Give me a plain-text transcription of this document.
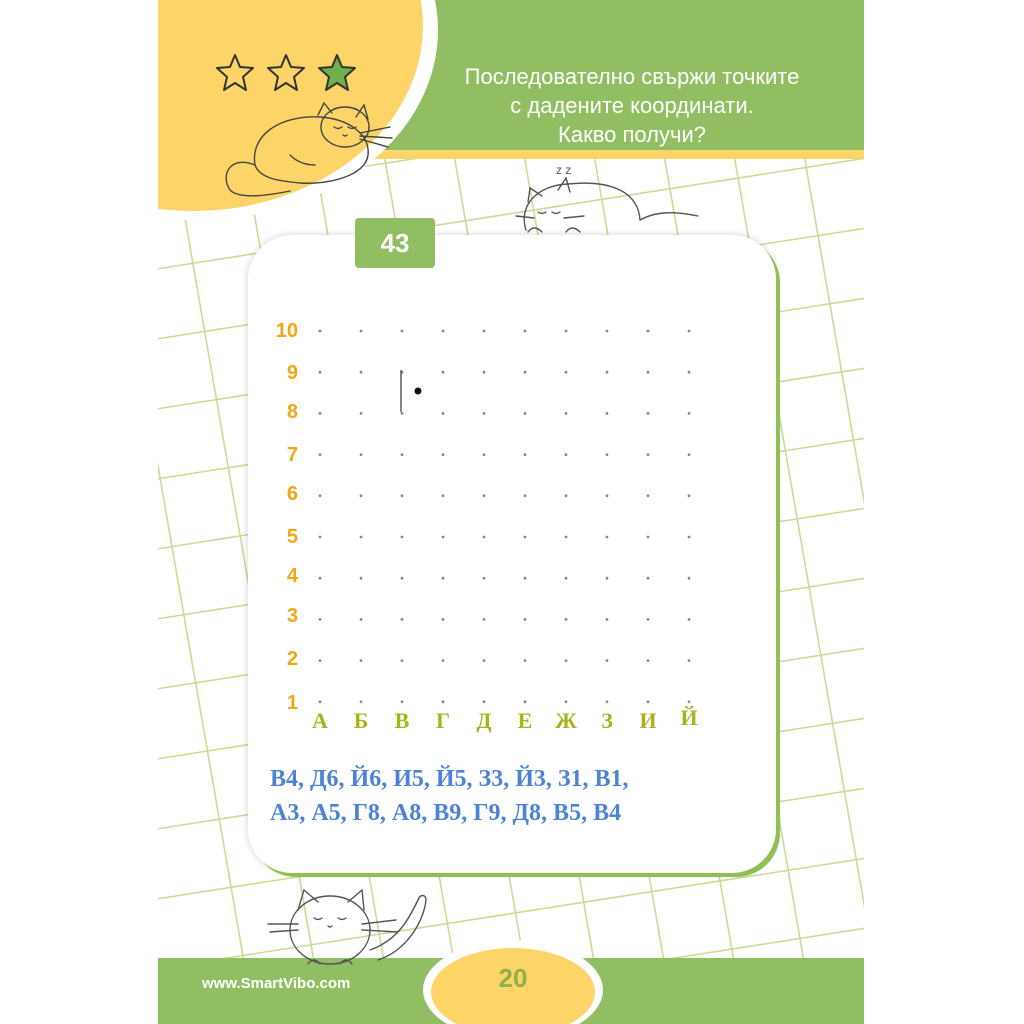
Последователно свържи точките
с дадените координати.
Какво получи?
z z
43
10
9
8
7
6
5
4
3
2
1
А	Б	В	Г	Д	Е	Ж	З	И Й
В4, Д6, Й6, И5, Й5, З3, Й3, З1, В1,
А3, А5, Г8, А8, В9, Г9, Д8, В5, В4
www.SmartVibo.com	20
